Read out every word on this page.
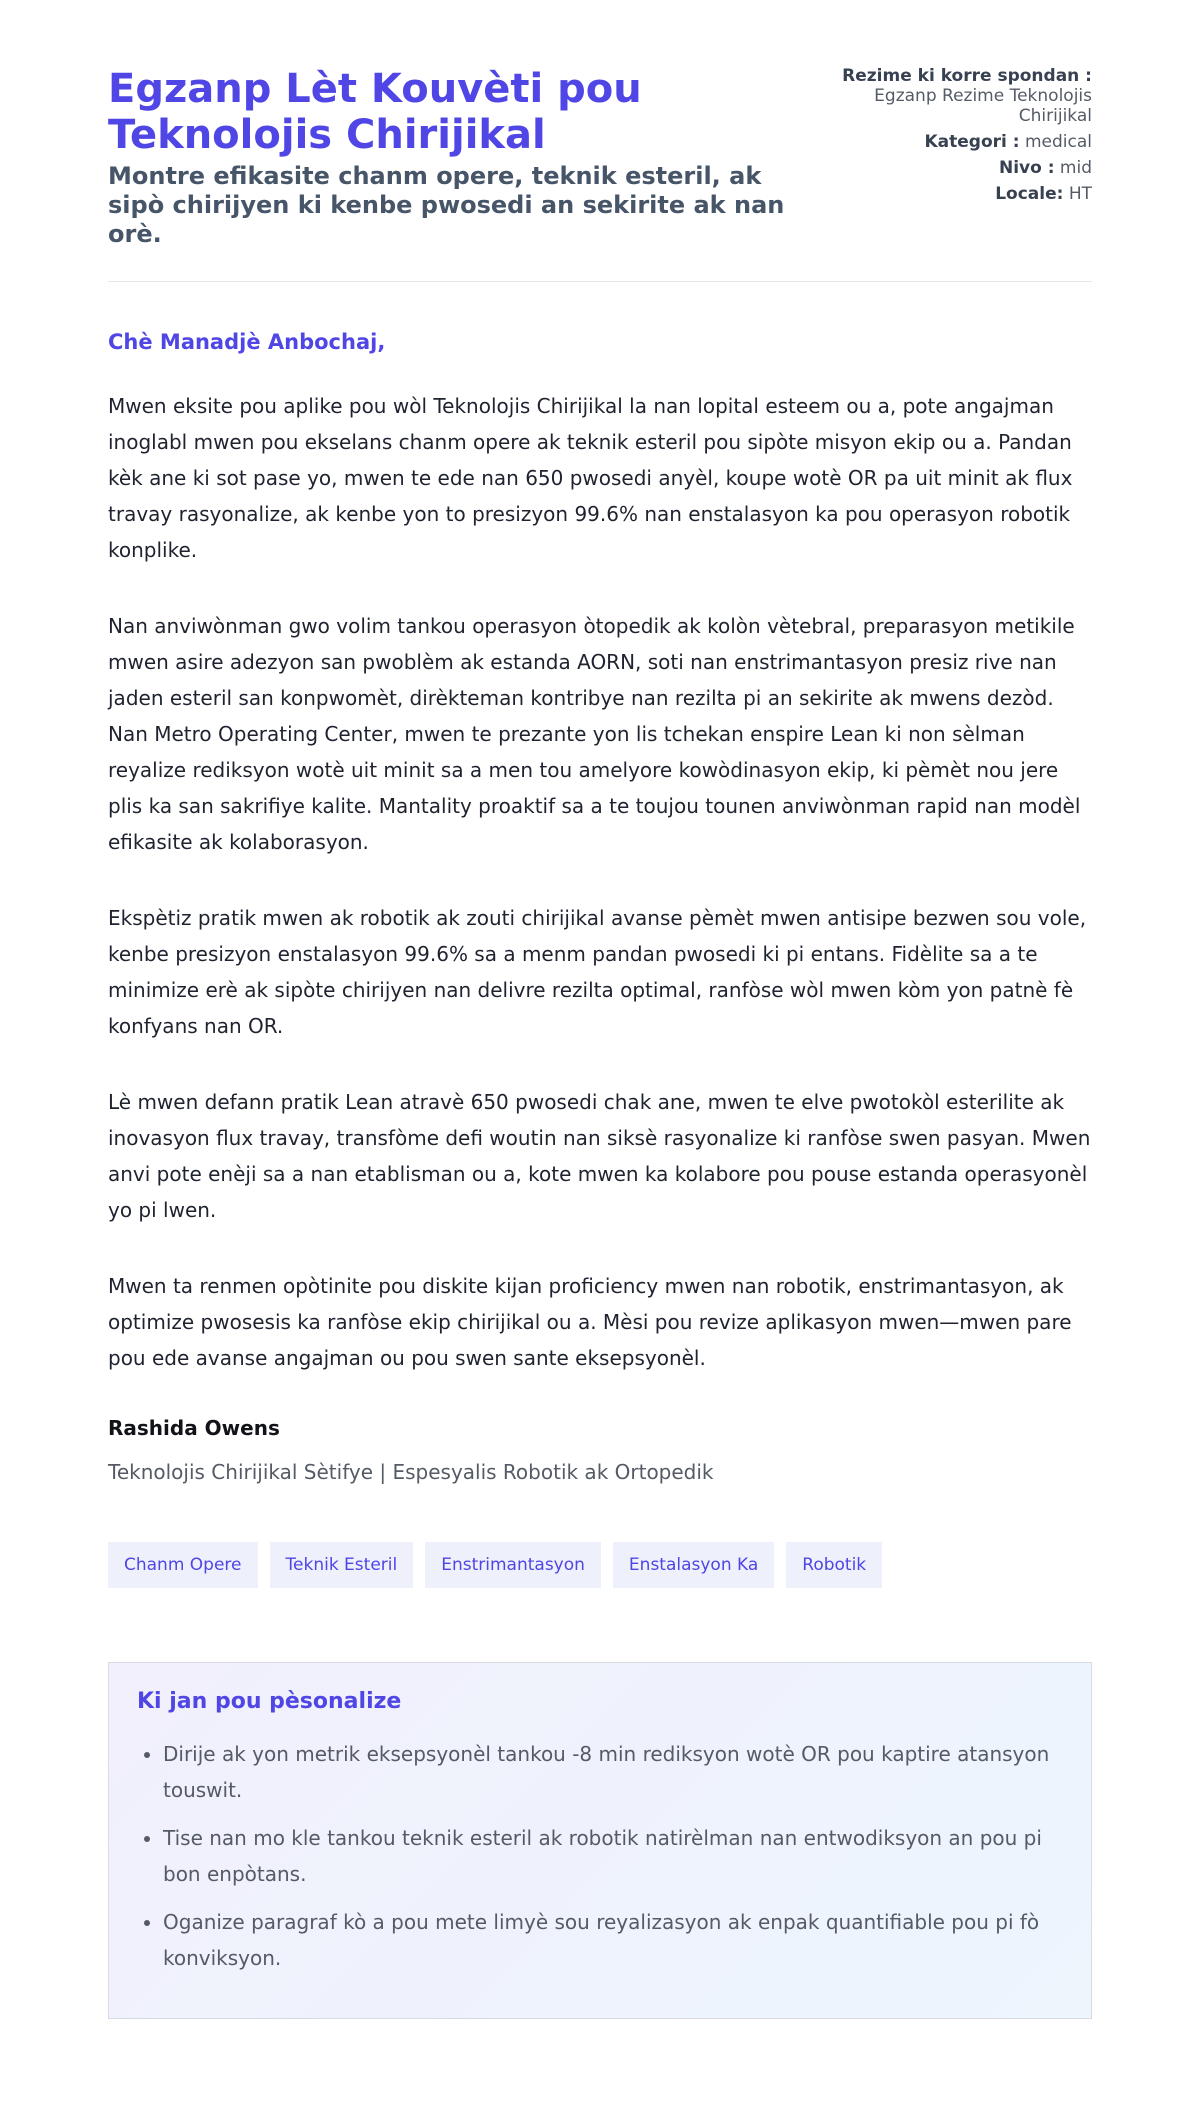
Egzanp Lèt Kouvèti pou Teknolojis Chirijikal
Montre efikasite chanm opere, teknik esteril, ak sipò chirijyen ki kenbe pwosedi an sekirite ak nan orè.
Rezime ki korre spondan :
Egzanp Rezime Teknolojis Chirijikal
Kategori : medical
Nivo : mid
Locale: HT
Chè Manadjè Anbochaj,

Mwen eksite pou aplike pou wòl Teknolojis Chirijikal la nan lopital esteem ou a, pote angajman inoglabl mwen pou ekselans chanm opere ak teknik esteril pou sipòte misyon ekip ou a. Pandan kèk ane ki sot pase yo, mwen te ede nan 650 pwosedi anyèl, koupe wotè OR pa uit minit ak flux travay rasyonalize, ak kenbe yon to presizyon 99.6% nan enstalasyon ka pou operasyon robotik konplike.

Nan anviwònman gwo volim tankou operasyon òtopedik ak kolòn vètebral, preparasyon metikile mwen asire adezyon san pwoblèm ak estanda AORN, soti nan enstrimantasyon presiz rive nan jaden esteril san konpwomèt, dirèkteman kontribye nan rezilta pi an sekirite ak mwens dezòd. Nan Metro Operating Center, mwen te prezante yon lis tchekan enspire Lean ki non sèlman reyalize rediksyon wotè uit minit sa a men tou amelyore kowòdinasyon ekip, ki pèmèt nou jere plis ka san sakrifiye kalite. Mantality proaktif sa a te toujou tounen anviwònman rapid nan modèl efikasite ak kolaborasyon.

Ekspètiz pratik mwen ak robotik ak zouti chirijikal avanse pèmèt mwen antisipe bezwen sou vole, kenbe presizyon enstalasyon 99.6% sa a menm pandan pwosedi ki pi entans. Fidèlite sa a te minimize erè ak sipòte chirijyen nan delivre rezilta optimal, ranfòse wòl mwen kòm yon patnè fè konfyans nan OR.

Lè mwen defann pratik Lean atravè 650 pwosedi chak ane, mwen te elve pwotokòl esterilite ak inovasyon flux travay, transfòme defi woutin nan siksè rasyonalize ki ranfòse swen pasyan. Mwen anvi pote enèji sa a nan etablisman ou a, kote mwen ka kolabore pou pouse estanda operasyonèl yo pi lwen.

Mwen ta renmen opòtinite pou diskite kijan proficiency mwen nan robotik, enstrimantasyon, ak optimize pwosesis ka ranfòse ekip chirijikal ou a. Mèsi pou revize aplikasyon mwen—mwen pare pou ede avanse angajman ou pou swen sante eksepsyonèl.

Rashida Owens
Teknolojis Chirijikal Sètifye | Espesyalis Robotik ak Ortopedik
Chanm Opere	Teknik Esteril	Enstrimantasyon	Enstalasyon Ka	Robotik
Ki jan pou pèsonalize
• Dirije ak yon metrik eksepsyonèl tankou -8 min rediksyon wotè OR pou kaptire atansyon touswit.
• Tise nan mo kle tankou teknik esteril ak robotik natirèlman nan entwodiksyon an pou pi bon enpòtans.
• Oganize paragraf kò a pou mete limyè sou reyalizasyon ak enpak quantifiable pou pi fò konviksyon.
